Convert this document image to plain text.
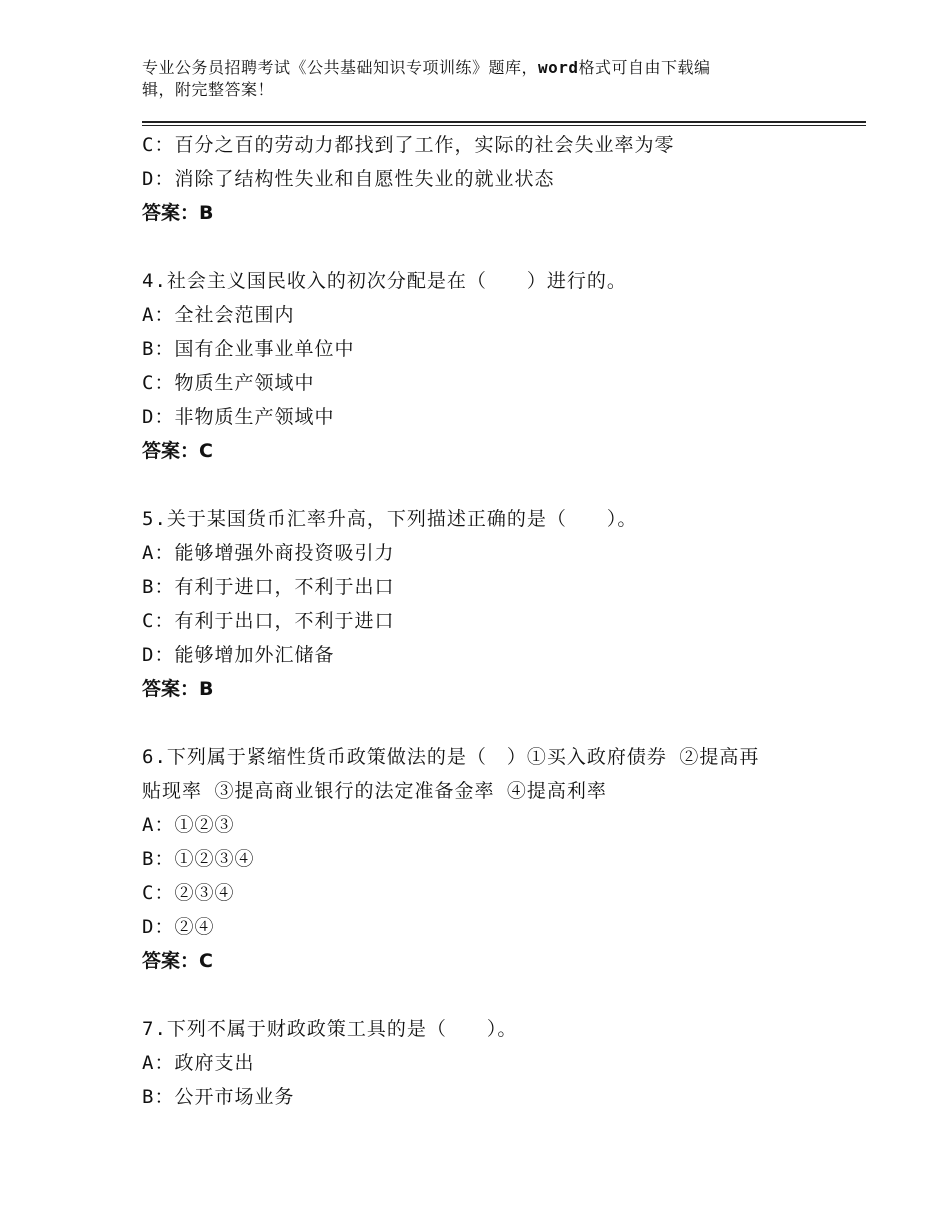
专业公务员招聘考试《公共基础知识专项训练》题库，word格式可自由下载编
辑，附完整答案！
C：百分之百的劳动力都找到了工作，实际的社会失业率为零
D：消除了结构性失业和自愿性失业的就业状态
答案：B
4.社会主义国民收入的初次分配是在（　　）进行的。
A：全社会范围内
B：国有企业事业单位中
C：物质生产领域中
D：非物质生产领域中
答案：C
5.关于某国货币汇率升高，下列描述正确的是（　　）。
A：能够增强外商投资吸引力
B：有利于进口，不利于出口
C：有利于出口，不利于进口
D：能够增加外汇储备
答案：B
6.下列属于紧缩性货币政策做法的是（　）①买入政府债券 ②提高再
贴现率 ③提高商业银行的法定准备金率 ④提高利率
A：①②③
B：①②③④
C：②③④
D：②④
答案：C
7.下列不属于财政政策工具的是（　　）。
A：政府支出
B：公开市场业务
